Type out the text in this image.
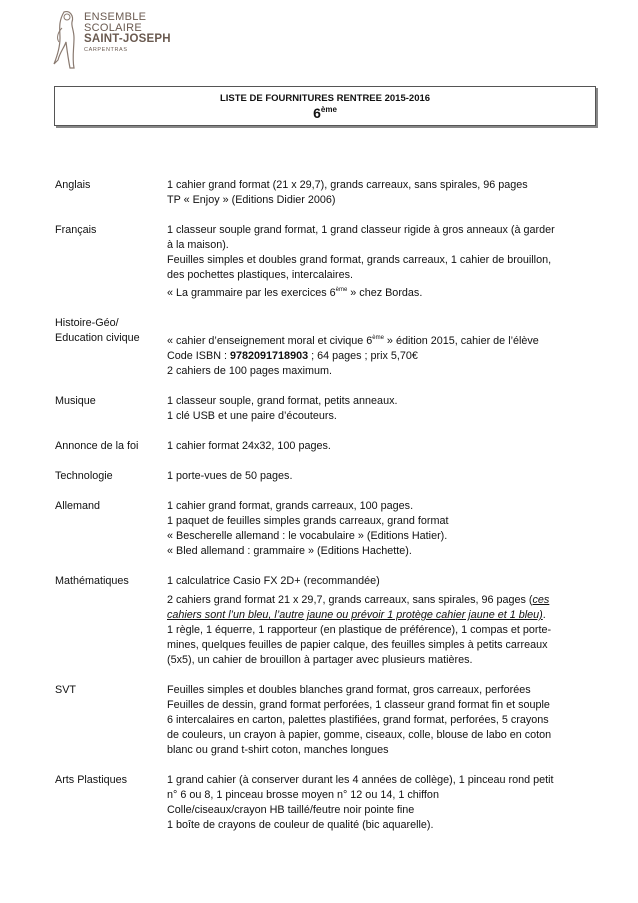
ENSEMBLE
SCOLAIRE
SAINT-JOSEPH
CARPENTRAS
LISTE DE FOURNITURES RENTREE 2015-2016
6ème
Anglais	1 cahier grand format (21 x 29,7), grands carreaux, sans spirales, 96 pages
TP « Enjoy » (Editions Didier 2006)
Français	1 classeur souple grand format, 1 grand classeur rigide à gros anneaux (à garder
à la maison).
Feuilles simples et doubles grand format, grands carreaux, 1 cahier de brouillon,
des pochettes plastiques, intercalaires.
« La grammaire par les exercices 6ème » chez Bordas.
Histoire-Géo/
Education civique	« cahier d’enseignement moral et civique 6ème » édition 2015, cahier de l’élève
Code ISBN : 9782091718903 ; 64 pages ; prix 5,70€
2 cahiers de 100 pages maximum.
Musique	1 classeur souple, grand format, petits anneaux.
1 clé USB et une paire d’écouteurs.
Annonce de la foi	1 cahier format 24x32, 100 pages.
Technologie	1 porte-vues de 50 pages.
Allemand	1 cahier grand format, grands carreaux, 100 pages.
1 paquet de feuilles simples grands carreaux, grand format
« Bescherelle allemand : le vocabulaire » (Editions Hatier).
« Bled allemand : grammaire » (Editions Hachette).
Mathématiques	1 calculatrice Casio FX 2D+ (recommandée)
2 cahiers grand format 21 x 29,7, grands carreaux, sans spirales, 96 pages (ces
cahiers sont l’un bleu, l’autre jaune ou prévoir 1 protège cahier jaune et 1 bleu).
1 règle, 1 équerre, 1 rapporteur (en plastique de préférence), 1 compas et porte-
mines, quelques feuilles de papier calque, des feuilles simples à petits carreaux
(5x5), un cahier de brouillon à partager avec plusieurs matières.
SVT	Feuilles simples et doubles blanches grand format, gros carreaux, perforées
Feuilles de dessin, grand format perforées, 1 classeur grand format fin et souple
6 intercalaires en carton, palettes plastifiées, grand format, perforées, 5 crayons
de couleurs, un crayon à papier, gomme, ciseaux, colle, blouse de labo en coton
blanc ou grand t-shirt coton, manches longues
Arts Plastiques	1 grand cahier (à conserver durant les 4 années de collège), 1 pinceau rond petit
n° 6 ou 8, 1 pinceau brosse moyen n° 12 ou 14, 1 chiffon
Colle/ciseaux/crayon HB taillé/feutre noir pointe fine
1 boîte de crayons de couleur de qualité (bic aquarelle).
